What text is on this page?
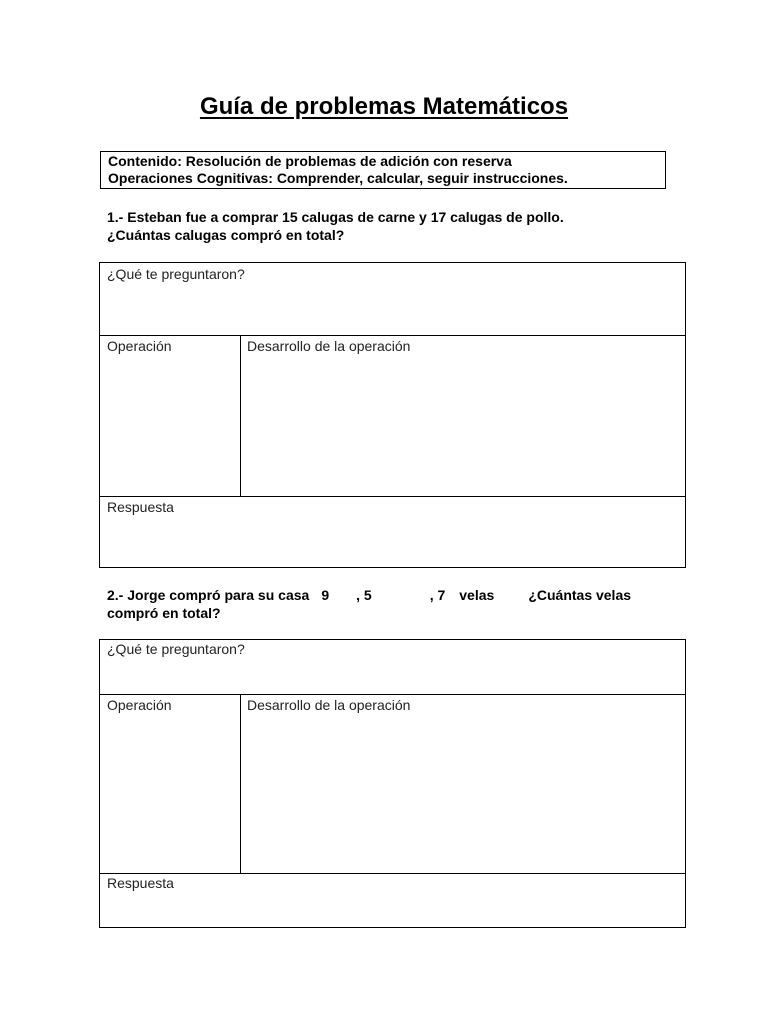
Guía de problemas Matemáticos
Contenido: Resolución de problemas de adición con reserva
Operaciones Cognitivas: Comprender, calcular, seguir instrucciones.
1.- Esteban fue a comprar 15 calugas de carne y 17 calugas de pollo.
¿Cuántas calugas compró en total?
¿Qué te preguntaron?
Operación	Desarrollo de la operación
Respuesta
2.- Jorge compró para su casa 9 , 5	, 7 velas ¿Cuántas velas
compró en total?
¿Qué te preguntaron?
Operación	Desarrollo de la operación
Respuesta
